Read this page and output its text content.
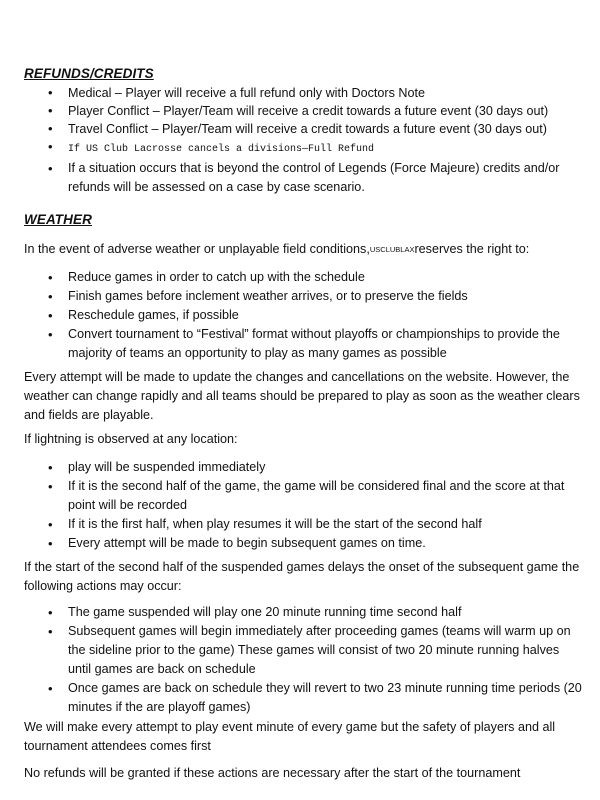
REFUNDS/CREDITS
• Medical – Player will receive a full refund only with Doctors Note
• Player Conflict – Player/Team will receive a credit towards a future event (30 days out)
• Travel Conflict – Player/Team will receive a credit towards a future event (30 days out)
• If US Club Lacrosse cancels a divisions—Full Refund
• If a situation occurs that is beyond the control of Legends (Force Majeure) credits and/or refunds will be assessed on a case by case scenario.
WEATHER

In the event of adverse weather or unplayable field conditions,USCLUBLAXreserves the right to:

• Reduce games in order to catch up with the schedule
• Finish games before inclement weather arrives, or to preserve the fields
• Reschedule games, if possible
• Convert tournament to “Festival” format without playoffs or championships to provide the majority of teams an opportunity to play as many games as possible

Every attempt will be made to update the changes and cancellations on the website. However, the weather can change rapidly and all teams should be prepared to play as soon as the weather clears and fields are playable.

If lightning is observed at any location:

• play will be suspended immediately
• If it is the second half of the game, the game will be considered final and the score at that point will be recorded
• If it is the first half, when play resumes it will be the start of the second half
• Every attempt will be made to begin subsequent games on time.

If the start of the second half of the suspended games delays the onset of the subsequent game the following actions may occur:

• The game suspended will play one 20 minute running time second half
• Subsequent games will begin immediately after proceeding games (teams will warm up on the sideline prior to the game) These games will consist of two 20 minute running halves until games are back on schedule
• Once games are back on schedule they will revert to two 23 minute running time periods (20 minutes if the are playoff games)

We will make every attempt to play event minute of every game but the safety of players and all tournament attendees comes first

No refunds will be granted if these actions are necessary after the start of the tournament
